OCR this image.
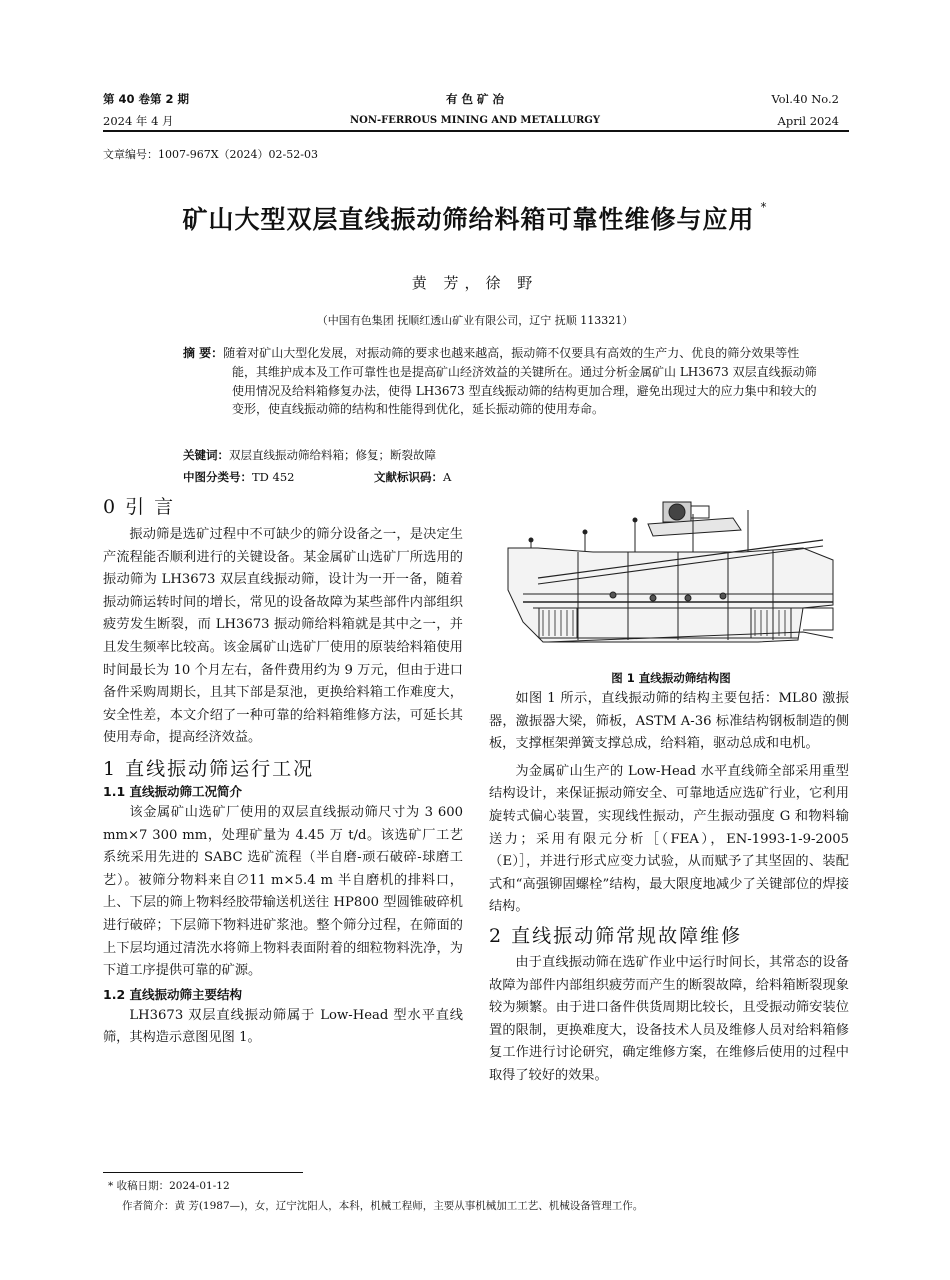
第 40 卷第 2 期
2024 年 4 月
有 色 矿 冶
NON-FERROUS MINING AND METALLURGY
Vol.40 No.2
April 2024
文章编号：1007-967X（2024）02-52-03
矿山大型双层直线振动筛给料箱可靠性维修与应用 *
黄 芳，徐 野
（中国有色集团 抚顺红透山矿业有限公司，辽宁 抚顺 113321）
摘 要：随着对矿山大型化发展，对振动筛的要求也越来越高，振动筛不仅要具有高效的生产力、优良的筛分效果等性能，其维护成本及工作可靠性也是提高矿山经济效益的关键所在。通过分析金属矿山 LH3673 双层直线振动筛使用情况及给料箱修复办法，使得 LH3673 型直线振动筛的结构更加合理，避免出现过大的应力集中和较大的变形，使直线振动筛的结构和性能得到优化，延长振动筛的使用寿命。
关键词：双层直线振动筛给料箱；修复；断裂故障
中图分类号：TD 452	文献标识码：A
0 引 言

振动筛是选矿过程中不可缺少的筛分设备之一，是决定生产流程能否顺利进行的关键设备。某金属矿山选矿厂所选用的振动筛为 LH3673 双层直线振动筛，设计为一开一备，随着振动筛运转时间的增长，常见的设备故障为某些部件内部组织疲劳发生断裂，而 LH3673 振动筛给料箱就是其中之一，并且发生频率比较高。该金属矿山选矿厂使用的原装给料箱使用时间最长为 10 个月左右，备件费用约为 9 万元，但由于进口备件采购周期长，且其下部是泵池，更换给料箱工作难度大，安全性差，本文介绍了一种可靠的给料箱维修方法，可延长其使用寿命，提高经济效益。

1 直线振动筛运行工况
1.1 直线振动筛工况简介

该金属矿山选矿厂使用的双层直线振动筛尺寸为 3 600 mm×7 300 mm，处理矿量为 4.45 万 t/d。该选矿厂工艺系统采用先进的 SABC 选矿流程（半自磨-顽石破碎-球磨工艺）。被筛分物料来自∅11 m×5.4 m 半自磨机的排料口，上、下层的筛上物料经胶带输送机送往 HP800 型圆锥破碎机进行破碎；下层筛下物料进矿浆池。整个筛分过程，在筛面的上下层均通过清洗水将筛上物料表面附着的细粒物料洗净，为下道工序提供可靠的矿源。

1.2 直线振动筛主要结构

LH3673 双层直线振动筛属于 Low-Head 型水平直线筛，其构造示意图见图 1。

图 1 直线振动筛结构图

如图 1 所示，直线振动筛的结构主要包括：ML80 激振器，激振器大梁，筛板，ASTM A-36 标准结构钢板制造的侧板，支撑框架弹簧支撑总成，给料箱，驱动总成和电机。

为金属矿山生产的 Low-Head 水平直线筛全部采用重型结构设计，来保证振动筛安全、可靠地适应选矿行业，它利用旋转式偏心装置，实现线性振动，产生振动强度 G 和物料输送力；采用有限元分析［（FEA），EN-1993-1-9-2005（E）］，并进行形式应变力试验，从而赋予了其坚固的、装配式和“高强铆固螺栓”结构，最大限度地减少了关键部位的焊接结构。

2 直线振动筛常规故障维修

由于直线振动筛在选矿作业中运行时间长，其常态的设备故障为部件内部组织疲劳而产生的断裂故障，给料箱断裂现象较为频繁。由于进口备件供货周期比较长，且受振动筛安装位置的限制，更换难度大，设备技术人员及维修人员对给料箱修复工作进行讨论研究，确定维修方案，在维修后使用的过程中取得了较好的效果。

* 收稿日期：2024-01-12
作者简介：黄 芳(1987—)，女，辽宁沈阳人，本科，机械工程师，主要从事机械加工工艺、机械设备管理工作。
